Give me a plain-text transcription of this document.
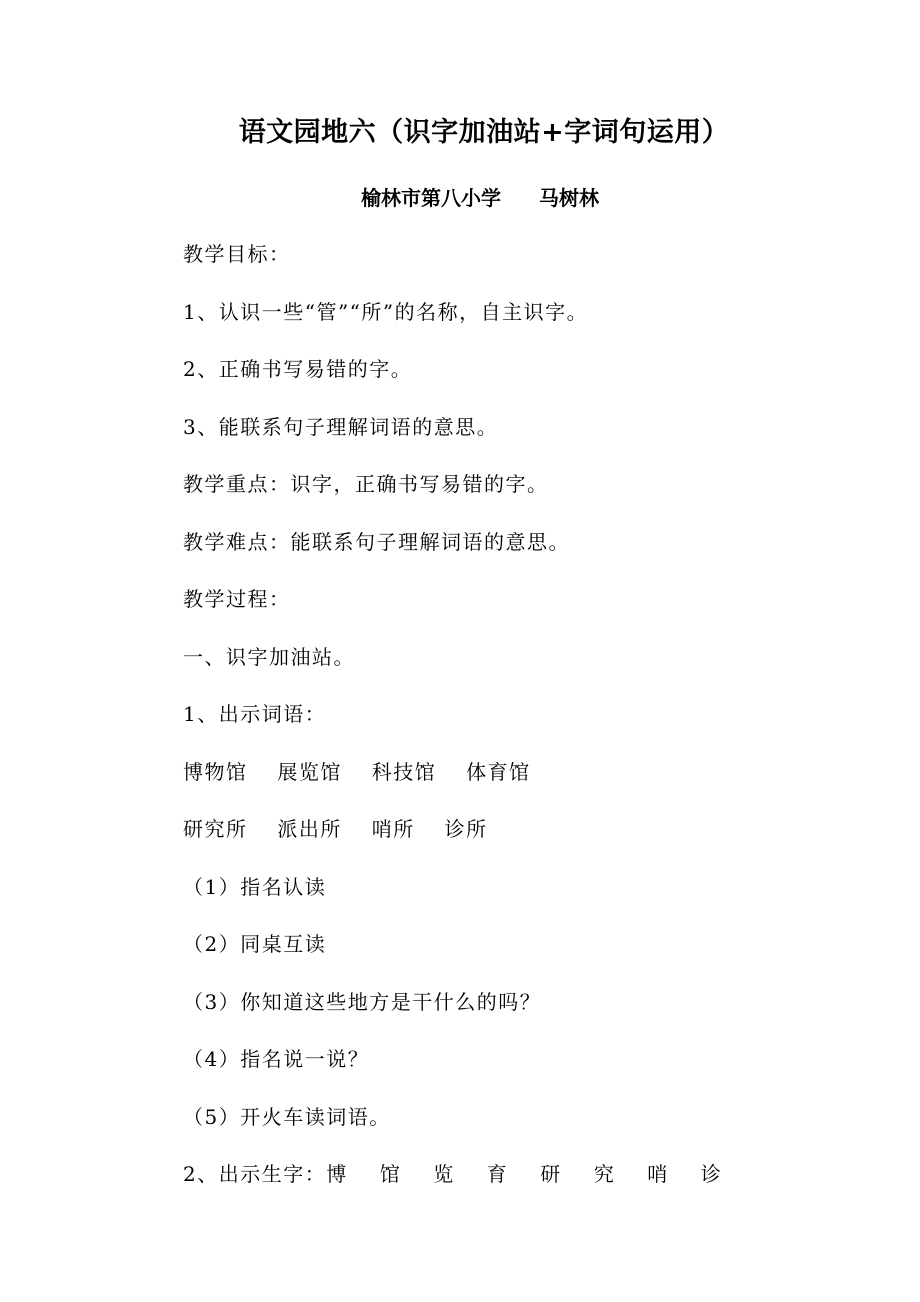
语文园地六（识字加油站+字词句运用）
榆林市第八小学 马树林
教学目标：
1、认识一些“管”“所”的名称，自主识字。
2、正确书写易错的字。
3、能联系句子理解词语的意思。
教学重点：识字，正确书写易错的字。
教学难点：能联系句子理解词语的意思。
教学过程：
一、识字加油站。
1、出示词语：
博物馆 展览馆 科技馆 体育馆
研究所 派出所 哨所 诊所
（1）指名认读
（2）同桌互读
（3）你知道这些地方是干什么的吗？
（4）指名说一说？
（5）开火车读词语。
2、出示生字：博 馆 览 育 研 究 哨 诊
